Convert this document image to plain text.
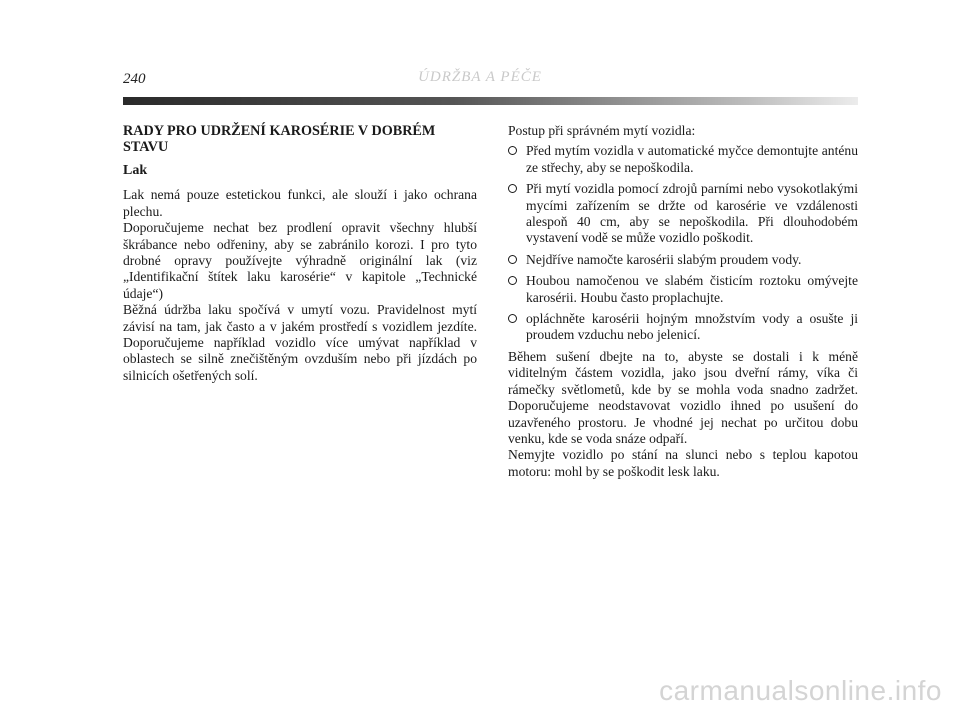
240	ÚDRŽBA A PÉČE
RADY PRO UDRŽENÍ KAROSÉRIE V DOBRÉM STAVU
Lak

Lak nemá pouze estetickou funkci, ale slouží i jako ochrana plechu.

Doporučujeme nechat bez prodlení opravit všechny hlubší škrábance nebo odřeniny, aby se zabránilo korozi. I pro tyto drobné opravy používejte výhradně originální lak (viz „Identifikační štítek laku karosérie“ v kapitole „Technické údaje“)

Běžná údržba laku spočívá v umytí vozu. Pravidelnost mytí závisí na tam, jak často a v jakém prostředí s vozidlem jezdíte. Doporučujeme například vozidlo více umývat například v oblastech se silně znečištěným ovzduším nebo při jízdách po silnicích ošetřených solí.

Postup při správném mytí vozidla:

Před mytím vozidla v automatické myčce demontujte anténu ze střechy, aby se nepoškodila.
Při mytí vozidla pomocí zdrojů parními nebo vysokotlakými mycími zařízením se držte od karosérie ve vzdálenosti alespoň 40 cm, aby se nepoškodila. Při dlouhodobém vystavení vodě se může vozidlo poškodit.
Nejdříve namočte karosérii slabým proudem vody.
Houbou namočenou ve slabém čisticím roztoku omývejte karosérii. Houbu často proplachujte.
opláchněte karosérii hojným množstvím vody a osušte ji proudem vzduchu nebo jelenicí.

Během sušení dbejte na to, abyste se dostali i k méně viditelným částem vozidla, jako jsou dveřní rámy, víka či rámečky světlometů, kde by se mohla voda snadno zadržet. Doporučujeme neodstavovat vozidlo ihned po usušení do uzavřeného prostoru. Je vhodné jej nechat po určitou dobu venku, kde se voda snáze odpaří.

Nemyjte vozidlo po stání na slunci nebo s teplou kapotou motoru: mohl by se poškodit lesk laku.

carmanualsonline.info
